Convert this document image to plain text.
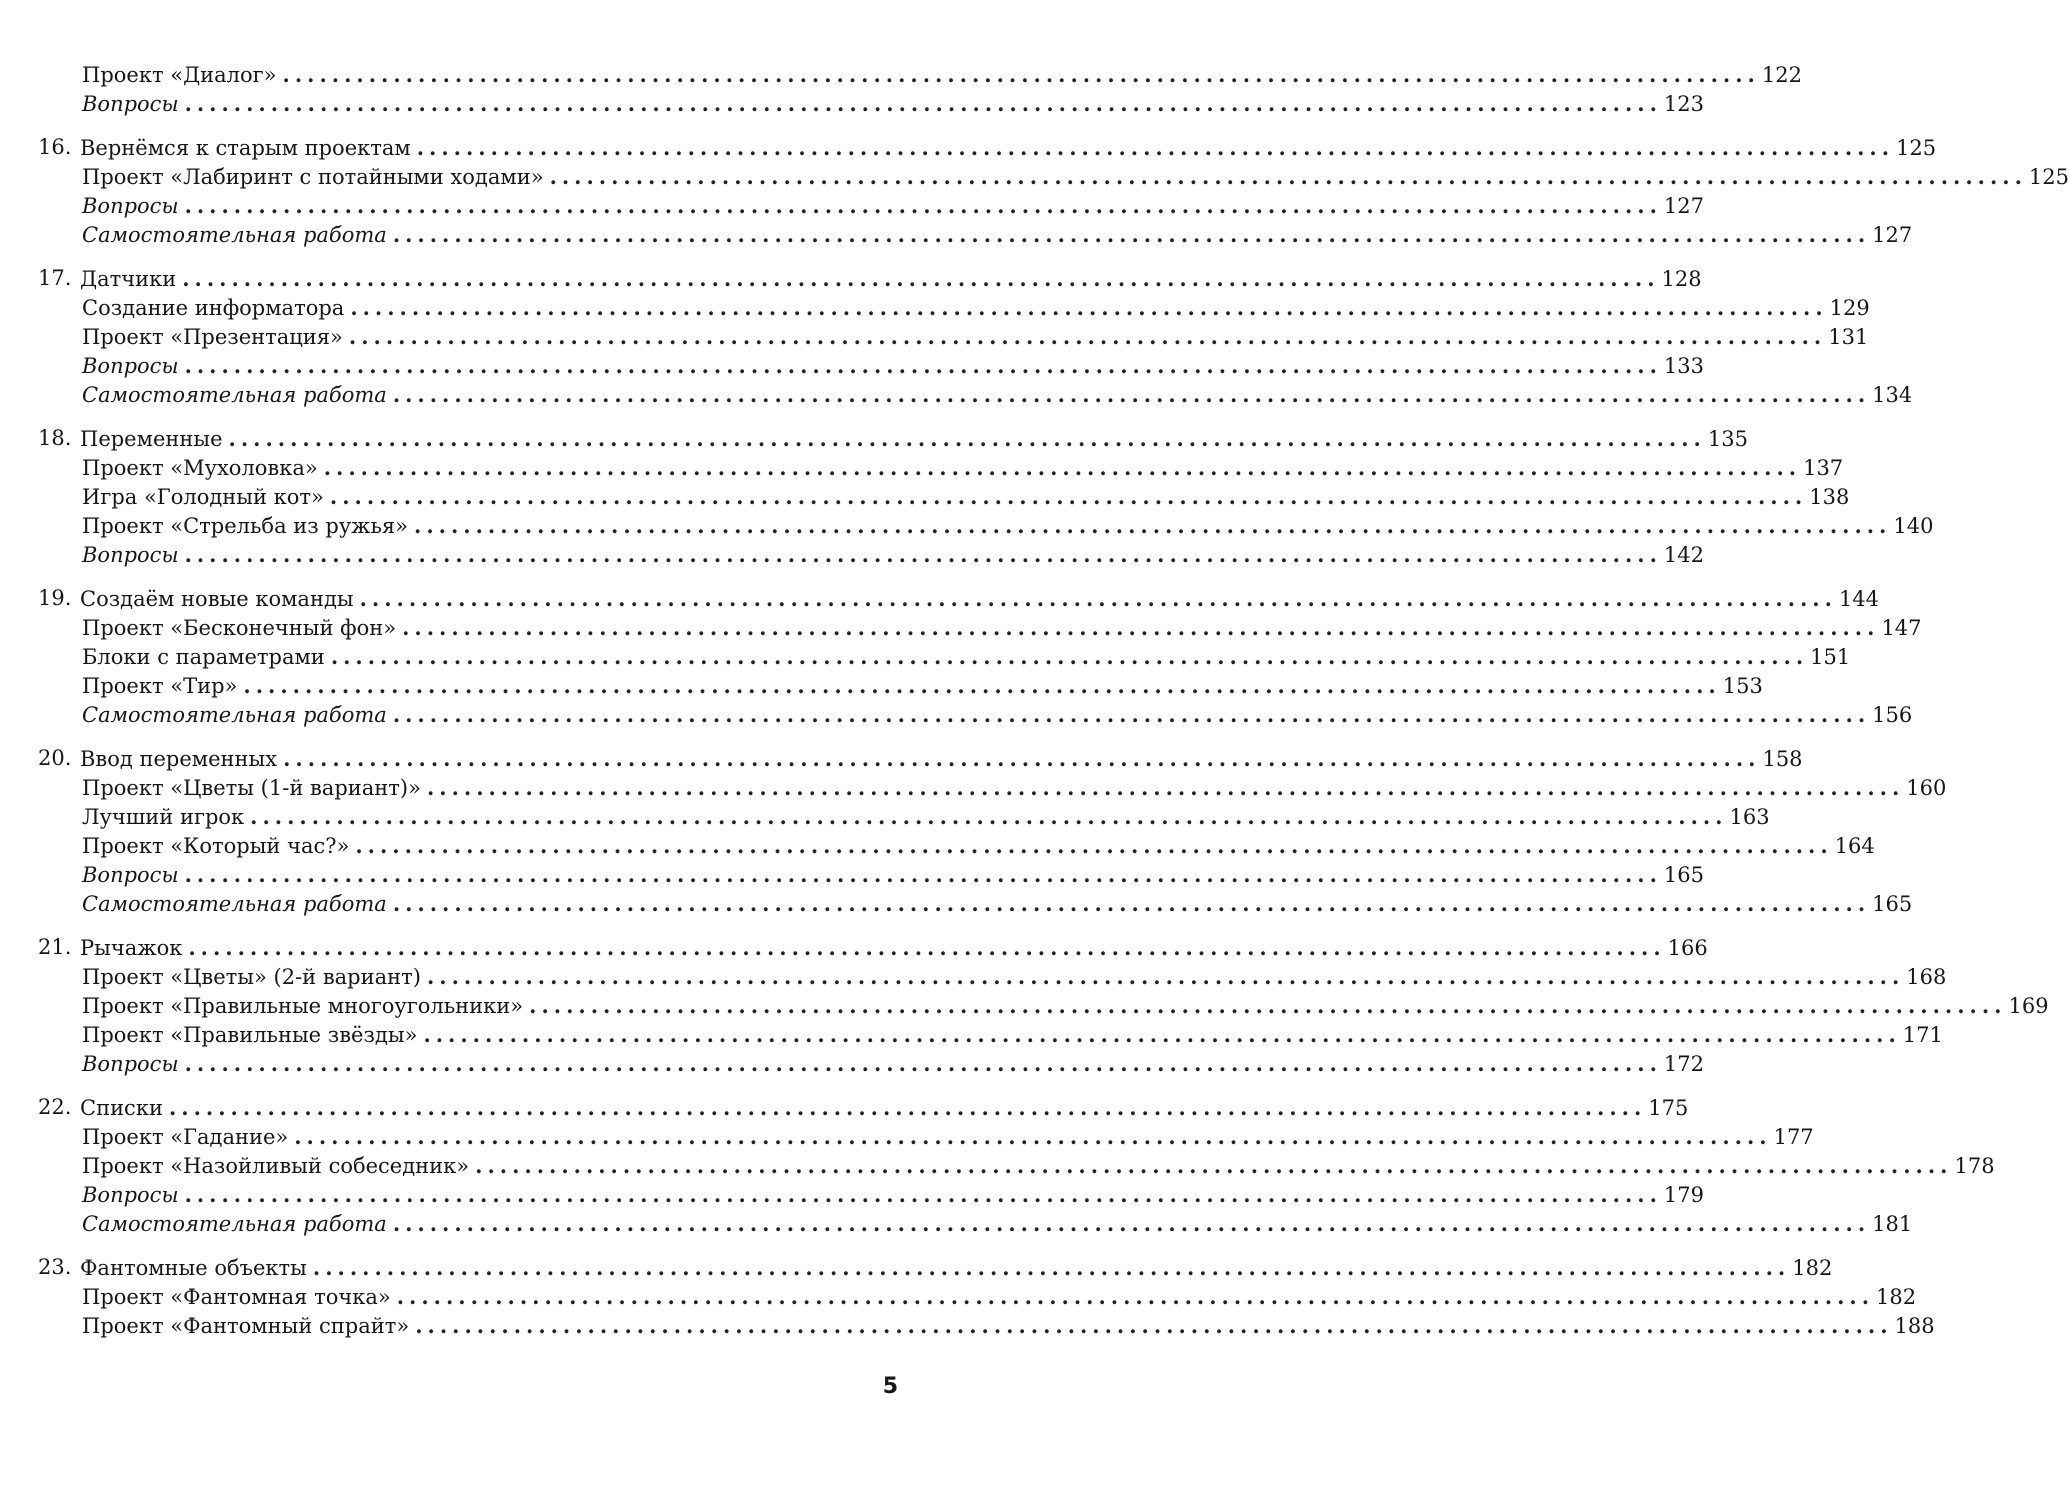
Проект «Диалог» ........................................................................................................................ 122
Вопросы ........................................................................................................................ 123
16. Вернёмся к старым проектам ........................................................................................................................ 125
Проект «Лабиринт с потайными ходами» ........................................................................................................................ 125
Вопросы ........................................................................................................................ 127
Самостоятельная работа ........................................................................................................................ 127
17. Датчики ........................................................................................................................ 128
Создание информатора ........................................................................................................................ 129
Проект «Презентация» ........................................................................................................................ 131
Вопросы ........................................................................................................................ 133
Самостоятельная работа ........................................................................................................................ 134
18. Переменные ........................................................................................................................ 135
Проект «Мухоловка» ........................................................................................................................ 137
Игра «Голодный кот» ........................................................................................................................ 138
Проект «Стрельба из ружья» ........................................................................................................................ 140
Вопросы ........................................................................................................................ 142
19. Создаём новые команды ........................................................................................................................ 144
Проект «Бесконечный фон» ........................................................................................................................ 147
Блоки с параметрами ........................................................................................................................ 151
Проект «Тир» ........................................................................................................................ 153
Самостоятельная работа ........................................................................................................................ 156
20. Ввод переменных ........................................................................................................................ 158
Проект «Цветы (1-й вариант)» ........................................................................................................................ 160
Лучший игрок ........................................................................................................................ 163
Проект «Который час?» ........................................................................................................................ 164
Вопросы ........................................................................................................................ 165
Самостоятельная работа ........................................................................................................................ 165
21. Рычажок ........................................................................................................................ 166
Проект «Цветы» (2-й вариант) ........................................................................................................................ 168
Проект «Правильные многоугольники» ........................................................................................................................ 169
Проект «Правильные звёзды» ........................................................................................................................ 171
Вопросы ........................................................................................................................ 172
22. Списки ........................................................................................................................ 175
Проект «Гадание» ........................................................................................................................ 177
Проект «Назойливый собеседник» ........................................................................................................................ 178
Вопросы ........................................................................................................................ 179
Самостоятельная работа ........................................................................................................................ 181
23. Фантомные объекты ........................................................................................................................ 182
Проект «Фантомная точка» ........................................................................................................................ 182
Проект «Фантомный спрайт» ........................................................................................................................ 188
5
